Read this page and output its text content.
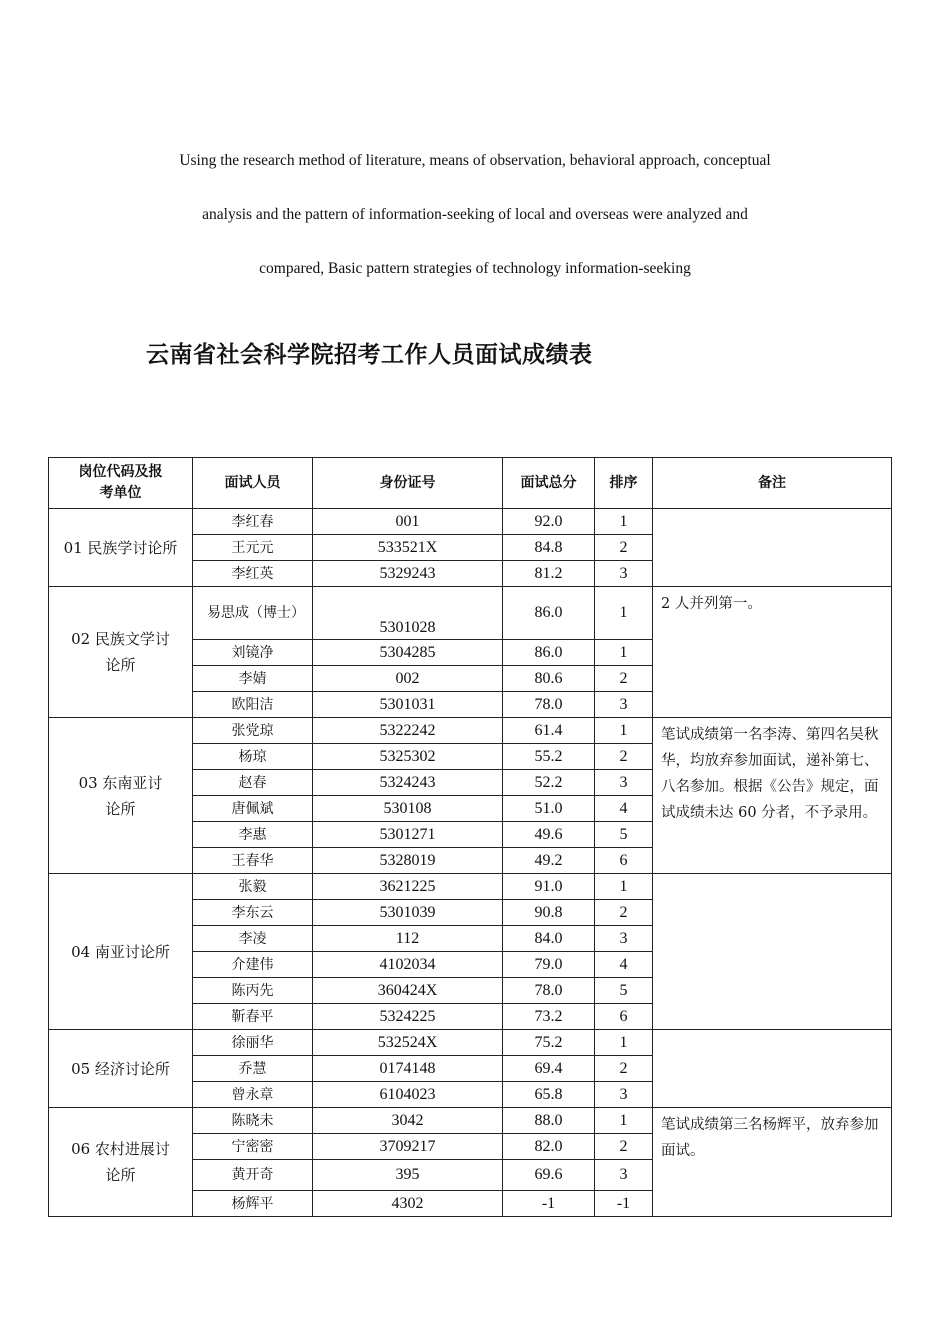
Using the research method of literature, means of observation, behavioral approach, conceptual

analysis and the pattern of information-seeking of local and overseas were analyzed and

compared, Basic pattern strategies of technology information-seeking

云南省社会科学院招考工作人员面试成绩表
岗位代码及报考单位	面试人员	身份证号	面试总分	排序	备注
01 民族学讨论所	李红春	001	92.0	1	
	王元元	533521X	84.8	2	
	李红英	5329243	81.2	3	
02 民族文学讨论所	易思成（博士）	5301028	86.0	1	2 人并列第一。
	刘镜净	5304285	86.0	1	
	李婧	002	80.6	2	
	欧阳洁	5301031	78.0	3	
03 东南亚讨论所	张党琼	5322242	61.4	1	笔试成绩第一名李涛、第四名吴秋华，均放弃参加面试，递补第七、八名参加。根据《公告》规定，面试成绩未达 60 分者，不予录用。
	杨琼	5325302	55.2	2	
	赵春	5324243	52.2	3	
	唐佩斌	530108	51.0	4	
	李惠	5301271	49.6	5	
	王春华	5328019	49.2	6	
04 南亚讨论所	张毅	3621225	91.0	1	
	李东云	5301039	90.8	2	
	李凌	112	84.0	3	
	介建伟	4102034	79.0	4	
	陈丙先	360424X	78.0	5	
	靳春平	5324225	73.2	6	
05 经济讨论所	徐丽华	532524X	75.2	1	
	乔慧	0174148	69.4	2	
	曾永章	6104023	65.8	3	
06 农村进展讨论所	陈晓未	3042	88.0	1	笔试成绩第三名杨辉平，放弃参加面试。
	宁密密	3709217	82.0	2	
	黄开奇	395	69.6	3	
	杨辉平	4302	-1	-1	
